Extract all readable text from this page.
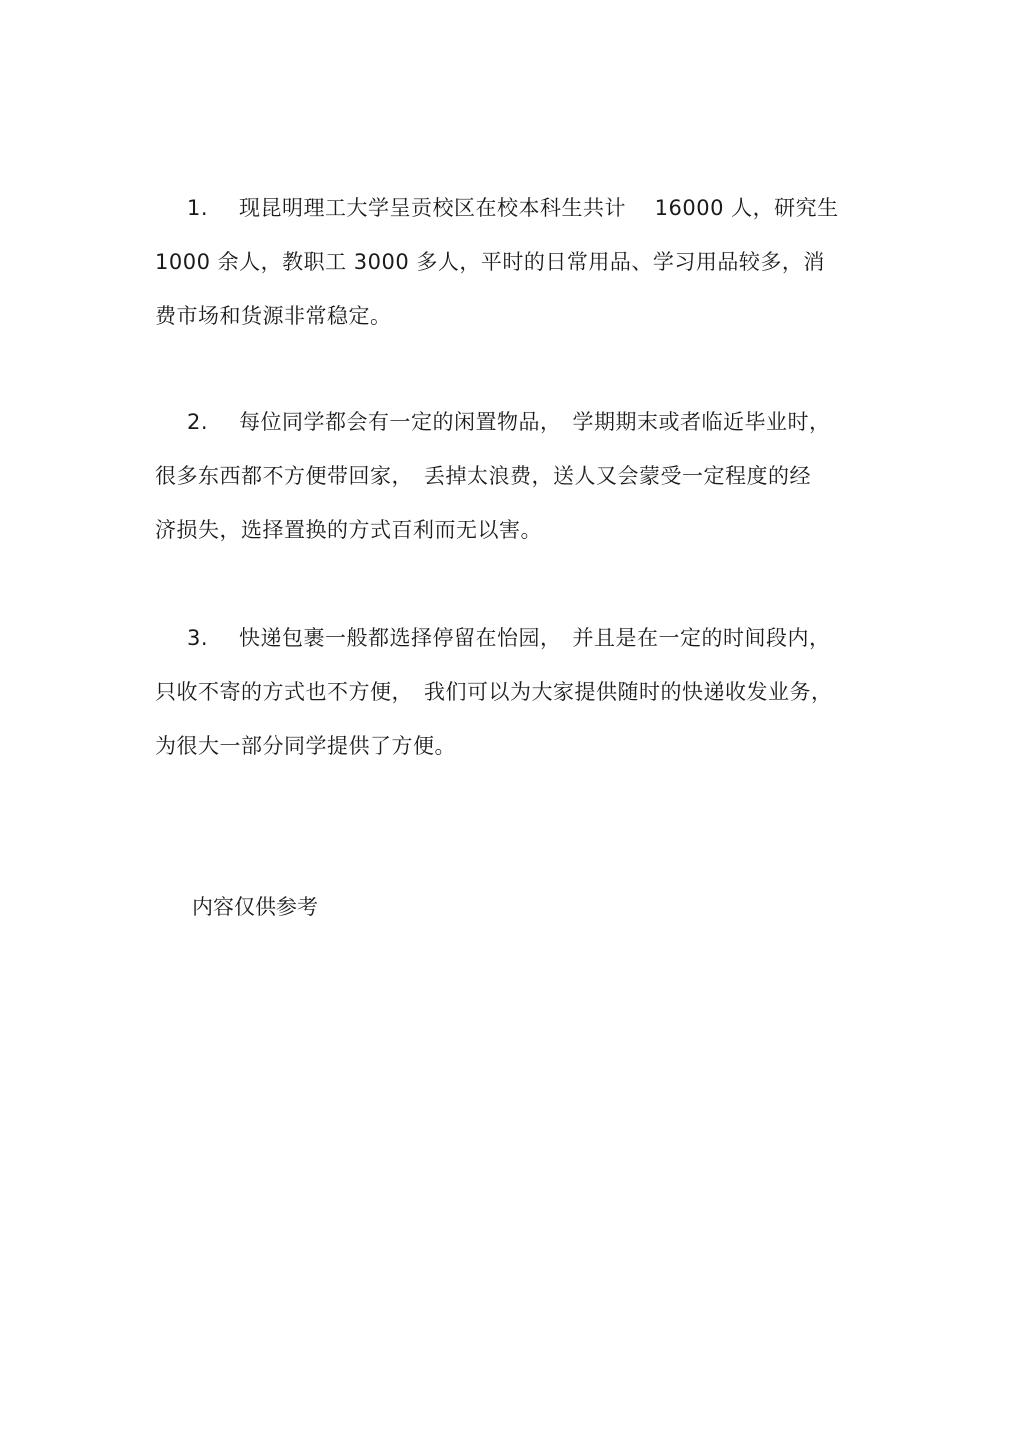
1. 现昆明理工大学呈贡校区在校本科生共计　 16000 人，研究生
1000 余人，教职工 3000 多人，平时的日常用品、学习用品较多，消
费市场和货源非常稳定。
2. 每位同学都会有一定的闲置物品，　学期期末或者临近毕业时，
很多东西都不方便带回家，　丢掉太浪费，送人又会蒙受一定程度的经
济损失，选择置换的方式百利而无以害。
3. 快递包裹一般都选择停留在怡园，　并且是在一定的时间段内，
只收不寄的方式也不方便，　我们可以为大家提供随时的快递收发业务，
为很大一部分同学提供了方便。
内容仅供参考
